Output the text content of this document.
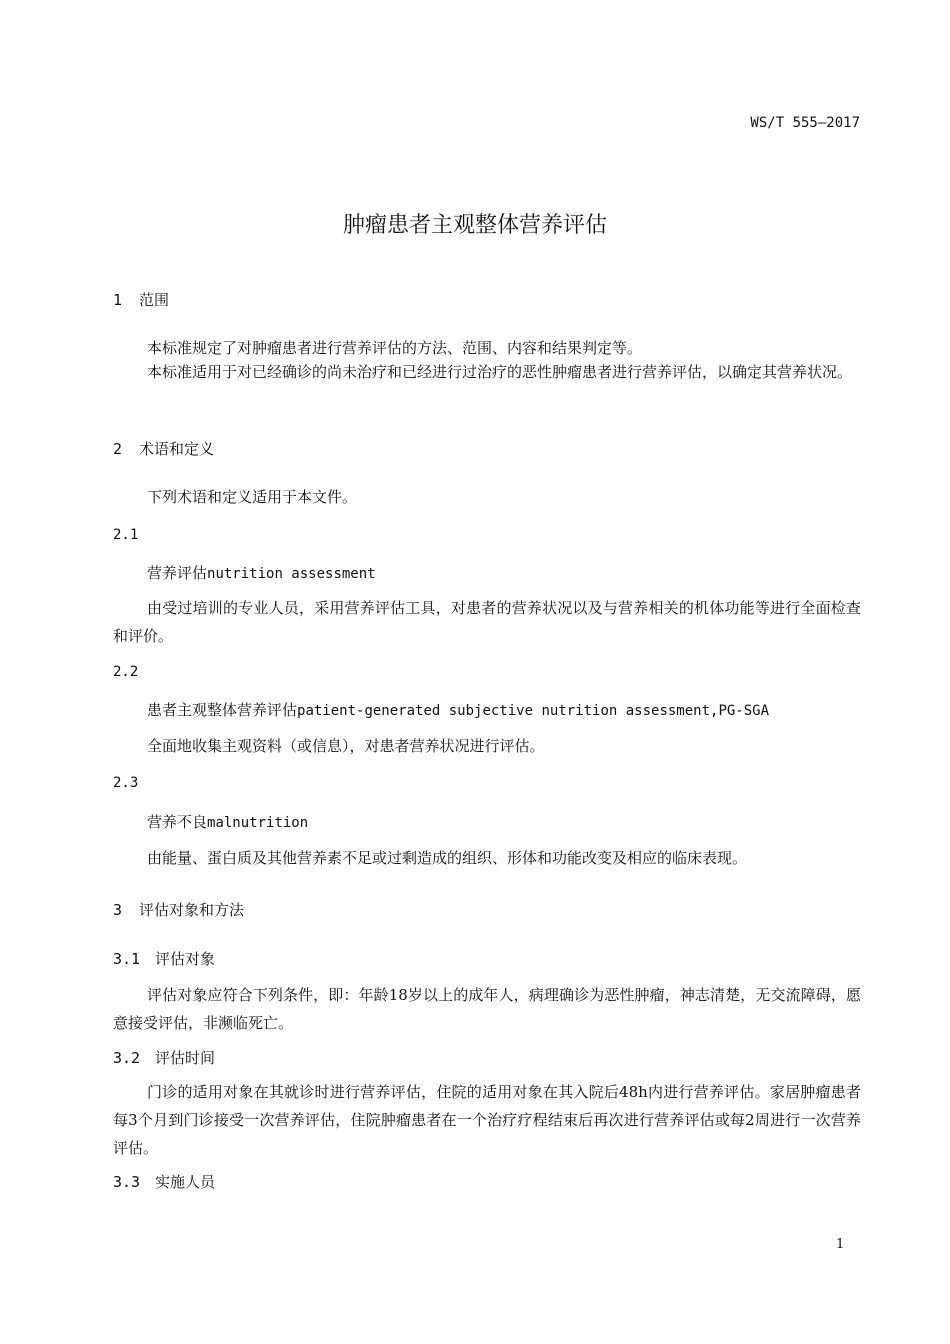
WS/T 555—2017
肿瘤患者主观整体营养评估
1 范围
本标准规定了对肿瘤患者进行营养评估的方法、范围、内容和结果判定等。
本标准适用于对已经确诊的尚未治疗和已经进行过治疗的恶性肿瘤患者进行营养评估，以确定其营养状况。
2 术语和定义
下列术语和定义适用于本文件。
2.1
营养评估nutrition assessment
由受过培训的专业人员，采用营养评估工具，对患者的营养状况以及与营养相关的机体功能等进行全面检查和评价。
2.2
患者主观整体营养评估patient-generated subjective nutrition assessment,PG-SGA
全面地收集主观资料（或信息），对患者营养状况进行评估。
2.3
营养不良malnutrition
由能量、蛋白质及其他营养素不足或过剩造成的组织、形体和功能改变及相应的临床表现。
3 评估对象和方法
3.1 评估对象
评估对象应符合下列条件，即：年龄18岁以上的成年人，病理确诊为恶性肿瘤，神志清楚，无交流障碍，愿意接受评估，非濒临死亡。
3.2 评估时间
门诊的适用对象在其就诊时进行营养评估，住院的适用对象在其入院后48h内进行营养评估。家居肿瘤患者每3个月到门诊接受一次营养评估，住院肿瘤患者在一个治疗疗程结束后再次进行营养评估或每2周进行一次营养评估。
3.3 实施人员
1
